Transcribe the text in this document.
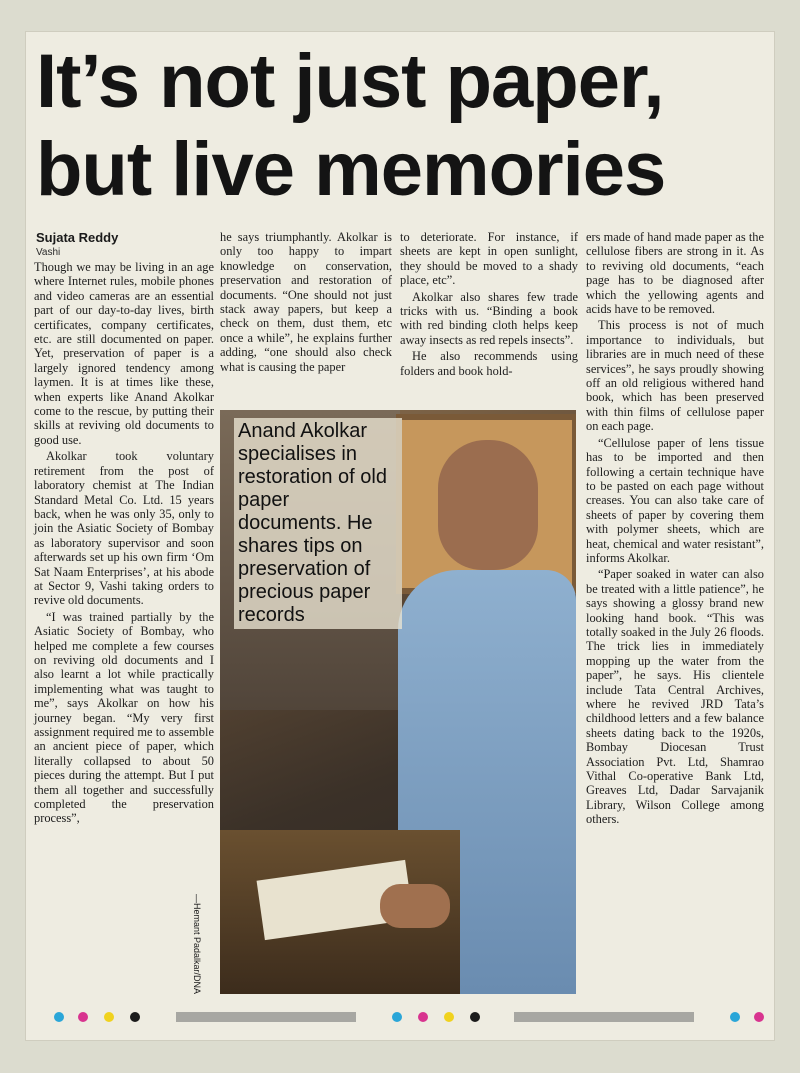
It’s not just paper,
but live memories
Sujata Reddy
Vashi

Though we may be living in an age where Internet rules, mobile phones and video cameras are an essential part of our day-to-day lives, birth certificates, company certificates, etc. are still documented on paper. Yet, preservation of paper is a largely ignored tendency among laymen. It is at times like these, when experts like Anand Akolkar come to the rescue, by putting their skills at reviving old documents to good use.

Akolkar took voluntary retirement from the post of laboratory chemist at The Indian Standard Metal Co. Ltd. 15 years back, when he was only 35, only to join the Asiatic Society of Bombay as laboratory supervisor and soon afterwards set up his own firm ‘Om Sat Naam Enterprises’, at his abode at Sector 9, Vashi taking orders to revive old documents.

“I was trained partially by the Asiatic Society of Bombay, who helped me complete a few courses on reviving old documents and I also learnt a lot while practically implementing what was taught to me”, says Akolkar on how his journey began. “My very first assignment required me to assemble an ancient piece of paper, which literally collapsed to about 50 pieces during the attempt. But I put them all together and successfully completed the preservation process”,

he says triumphantly. Akolkar is only too happy to impart knowledge on conservation, preservation and restoration of documents. “One should not just stack away papers, but keep a check on them, dust them, etc once a while”, he explains further adding, “one should also check what is causing the paper

to deteriorate. For instance, if sheets are kept in open sunlight, they should be moved to a shady place, etc”.

Akolkar also shares few trade tricks with us. “Binding a book with red binding cloth helps keep away insects as red repels insects”.

He also recommends using folders and book hold-

ers made of hand made paper as the cellulose fibers are strong in it. As to reviving old documents, “each page has to be diagnosed after which the yellowing agents and acids have to be removed.

This process is not of much importance to individuals, but libraries are in much need of these services”, he says proudly showing off an old religious withered hand book, which has been preserved with thin films of cellulose paper on each page.

“Cellulose paper of lens tissue has to be imported and then following a certain technique have to be pasted on each page without creases. You can also take care of sheets of paper by covering them with polymer sheets, which are heat, chemical and water resistant”, informs Akolkar.

“Paper soaked in water can also be treated with a little patience”, he says showing a glossy brand new looking hand book. “This was totally soaked in the July 26 floods. The trick lies in immediately mopping up the water from the paper”, he says. His clientele include Tata Central Archives, where he revived JRD Tata’s childhood letters and a few balance sheets dating back to the 1920s, Bombay Diocesan Trust Association Pvt. Ltd, Shamrao Vithal Co-operative Bank Ltd, Greaves Ltd, Dadar Sarvajanik Library, Wilson College among others.

Anand Akolkar specialises in restoration of old paper documents. He shares tips on preservation of precious paper records
—Hemant Padalkar/DNA
